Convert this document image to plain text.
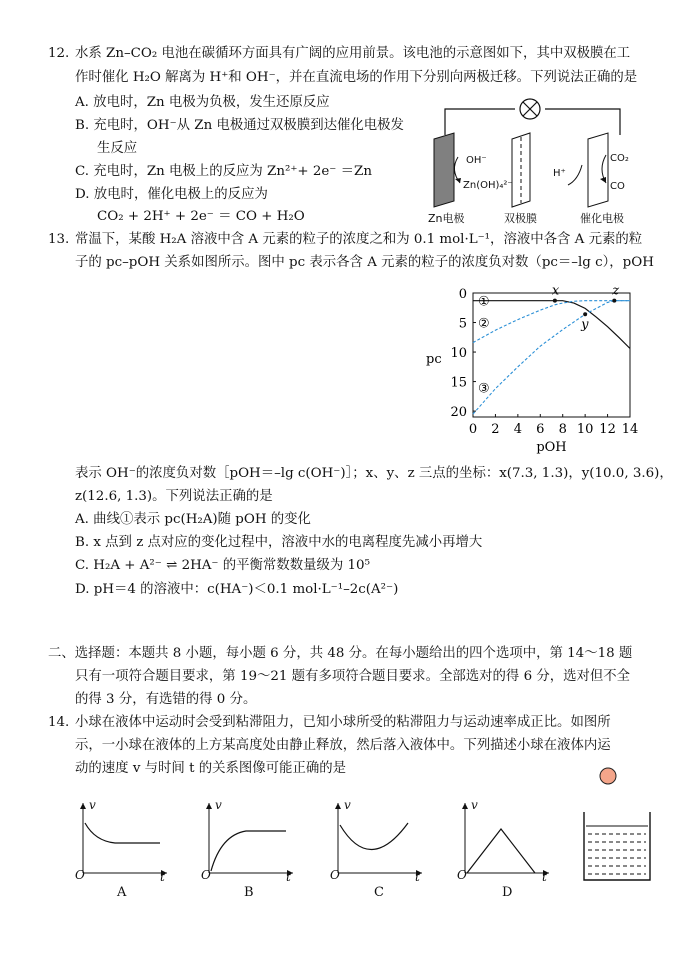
12. 水系 Zn–CO₂ 电池在碳循环方面具有广阔的应用前景。该电池的示意图如下，其中双极膜在工
作时催化 H₂O 解离为 H⁺和 OH⁻，并在直流电场的作用下分别向两极迁移。下列说法正确的是
A. 放电时，Zn 电极为负极，发生还原反应
B. 充电时，OH⁻从 Zn 电极通过双极膜到达催化电极发
生反应
C. 充电时，Zn 电极上的反应为 Zn²⁺+ 2e⁻ ＝Zn
D. 放电时，催化电极上的反应为
CO₂ + 2H⁺ + 2e⁻ ＝ CO + H₂O
OH⁻
Zn(OH)₄²⁻
H⁺
CO₂
CO
Zn电极	双极膜	催化电极
13. 常温下，某酸 H₂A 溶液中含 A 元素的粒子的浓度之和为 0.1 mol·L⁻¹，溶液中各含 A 元素的粒
子的 pc–pOH 关系如图所示。图中 pc 表示各含 A 元素的粒子的浓度负对数（pc＝–lg c），pOH
0 2 4 6 8 10 12 14
0
5
10
15
20
pOH
pc
①
②
③
x
y
z
表示 OH⁻的浓度负对数［pOH＝–lg c(OH⁻)］；x、y、z 三点的坐标：x(7.3, 1.3)，y(10.0, 3.6)，
z(12.6, 1.3)。下列说法正确的是
A. 曲线①表示 pc(H₂A)随 pOH 的变化
B. x 点到 z 点对应的变化过程中，溶液中水的电离程度先减小再增大
C. H₂A + A²⁻ ⇌ 2HA⁻ 的平衡常数数量级为 10⁵
D. pH＝4 的溶液中：c(HA⁻)＜0.1 mol·L⁻¹–2c(A²⁻)
二、选择题：本题共 8 小题，每小题 6 分，共 48 分。在每小题给出的四个选项中，第 14～18 题
只有一项符合题目要求，第 19～21 题有多项符合题目要求。全部选对的得 6 分，选对但不全
的得 3 分，有选错的得 0 分。
14. 小球在液体中运动时会受到粘滞阻力，已知小球所受的粘滞阻力与运动速率成正比。如图所
示，一小球在液体的上方某高度处由静止释放，然后落入液体中。下列描述小球在液体内运
动的速度 v 与时间 t 的关系图像可能正确的是
v
t
O
A
v
t
O
B
v
t
O
C
v
t
O
D
